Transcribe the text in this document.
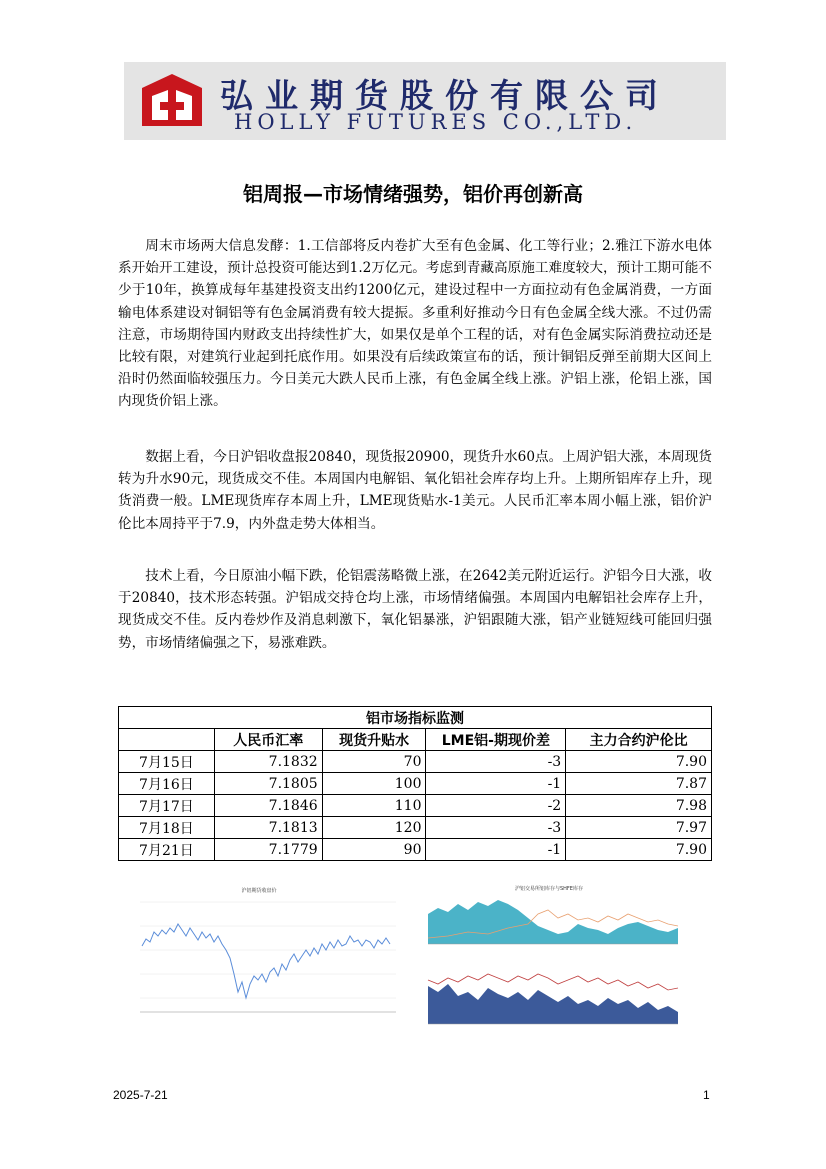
弘业期货股份有限公司
HOLLY FUTURES CO.,LTD.
铝周报—市场情绪强势，铝价再创新高

周末市场两大信息发酵：1.工信部将反内卷扩大至有色金属、化工等行业；2.雅江下游水电体系开始开工建设，预计总投资可能达到1.2万亿元。考虑到青藏高原施工难度较大，预计工期可能不少于10年，换算成每年基建投资支出约1200亿元，建设过程中一方面拉动有色金属消费，一方面输电体系建设对铜铝等有色金属消费有较大提振。多重利好推动今日有色金属全线大涨。不过仍需注意，市场期待国内财政支出持续性扩大，如果仅是单个工程的话，对有色金属实际消费拉动还是比较有限，对建筑行业起到托底作用。如果没有后续政策宣布的话，预计铜铝反弹至前期大区间上沿时仍然面临较强压力。今日美元大跌人民币上涨，有色金属全线上涨。沪铝上涨，伦铝上涨，国内现货价铝上涨。

数据上看，今日沪铝收盘报20840，现货报20900，现货升水60点。上周沪铝大涨，本周现货转为升水90元，现货成交不佳。本周国内电解铝、氧化铝社会库存均上升。上期所铝库存上升，现货消费一般。LME现货库存本周上升，LME现货贴水-1美元。人民币汇率本周小幅上涨，铝价沪伦比本周持平于7.9，内外盘走势大体相当。

技术上看，今日原油小幅下跌，伦铝震荡略微上涨，在2642美元附近运行。沪铝今日大涨，收于20840，技术形态转强。沪铝成交持仓均上涨，市场情绪偏强。本周国内电解铝社会库存上升，现货成交不佳。反内卷炒作及消息刺激下，氧化铝暴涨，沪铝跟随大涨，铝产业链短线可能回归强势，市场情绪偏强之下，易涨难跌。

铝市场指标监测				
	人民币汇率	现货升贴水	LME铝-期现价差	主力合约沪伦比
7月15日	7.1832	70	-3	7.90
7月16日	7.1805	100	-1	7.87
7月17日	7.1846	110	-2	7.98
7月18日	7.1813	120	-3	7.97
7月21日	7.1779	90	-1	7.90
沪铝期货收盘价	沪铝交易所铝库存与SHFE库存
2025-7-21	1
